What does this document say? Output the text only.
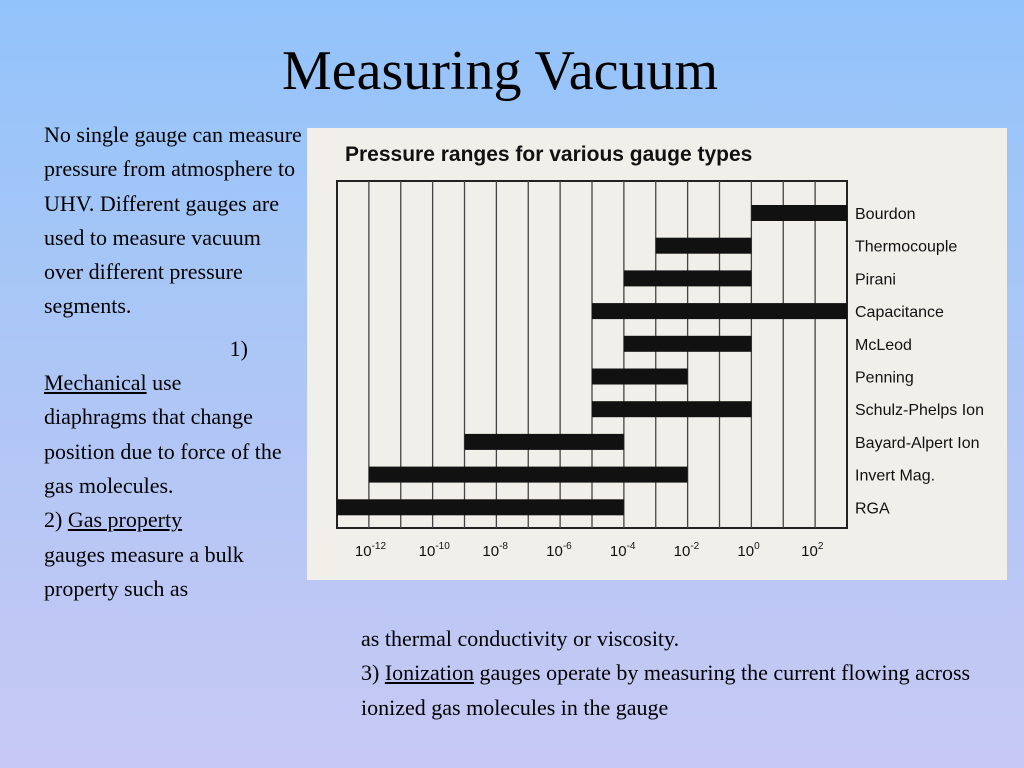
Measuring Vacuum

No single gauge can measure pressure from atmosphere to UHV. Different gauges are used to measure vacuum over different pressure segments.

1)

Mechanical use

diaphragms that change position due to force of the gas molecules.

2) Gas property

gauges measure a bulk property such as

Pressure ranges for various gauge types
Bourdon
Thermocouple
Pirani
Capacitance
McLeod
Penning
Schulz-Phelps Ion
Bayard-Alpert Ion
Invert Mag.
RGA
$10^{-12}$ $10^{-10}$ $10^{-8}$	$10^{-6}$	$10^{-4}$	$10^{-2}$	$10^0$	$10^2$

as thermal conductivity or viscosity.

3) Ionization gauges operate by measuring the current flowing across ionized gas molecules in the gauge
